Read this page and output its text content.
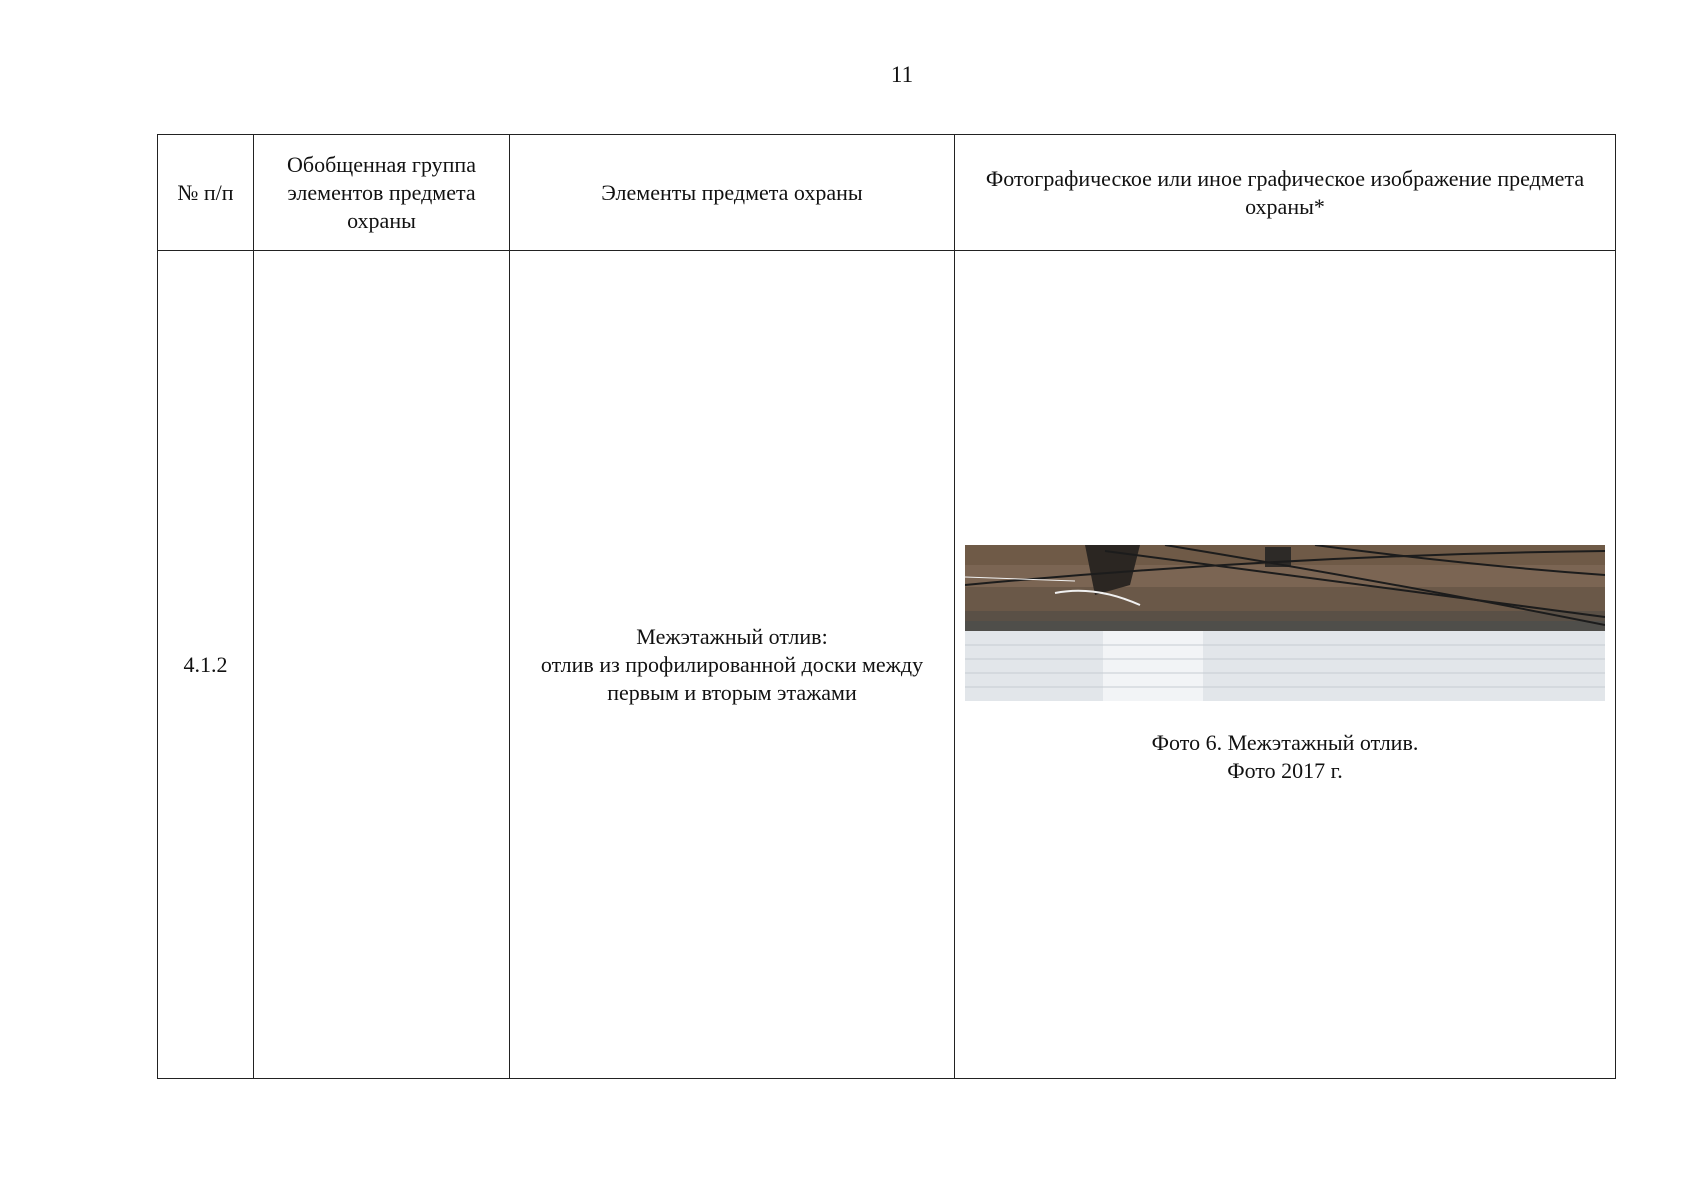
11
№ п/п	Обобщенная группа элементов предмета охраны	Элементы предмета охраны	Фотографическое или иное графическое изображение предмета охраны*
4.1.2		Межэтажный отлив:
отлив из профилированной доски между первым и вторым этажами	Фото 6. Межэтажный отлив.
Фото 2017 г.
